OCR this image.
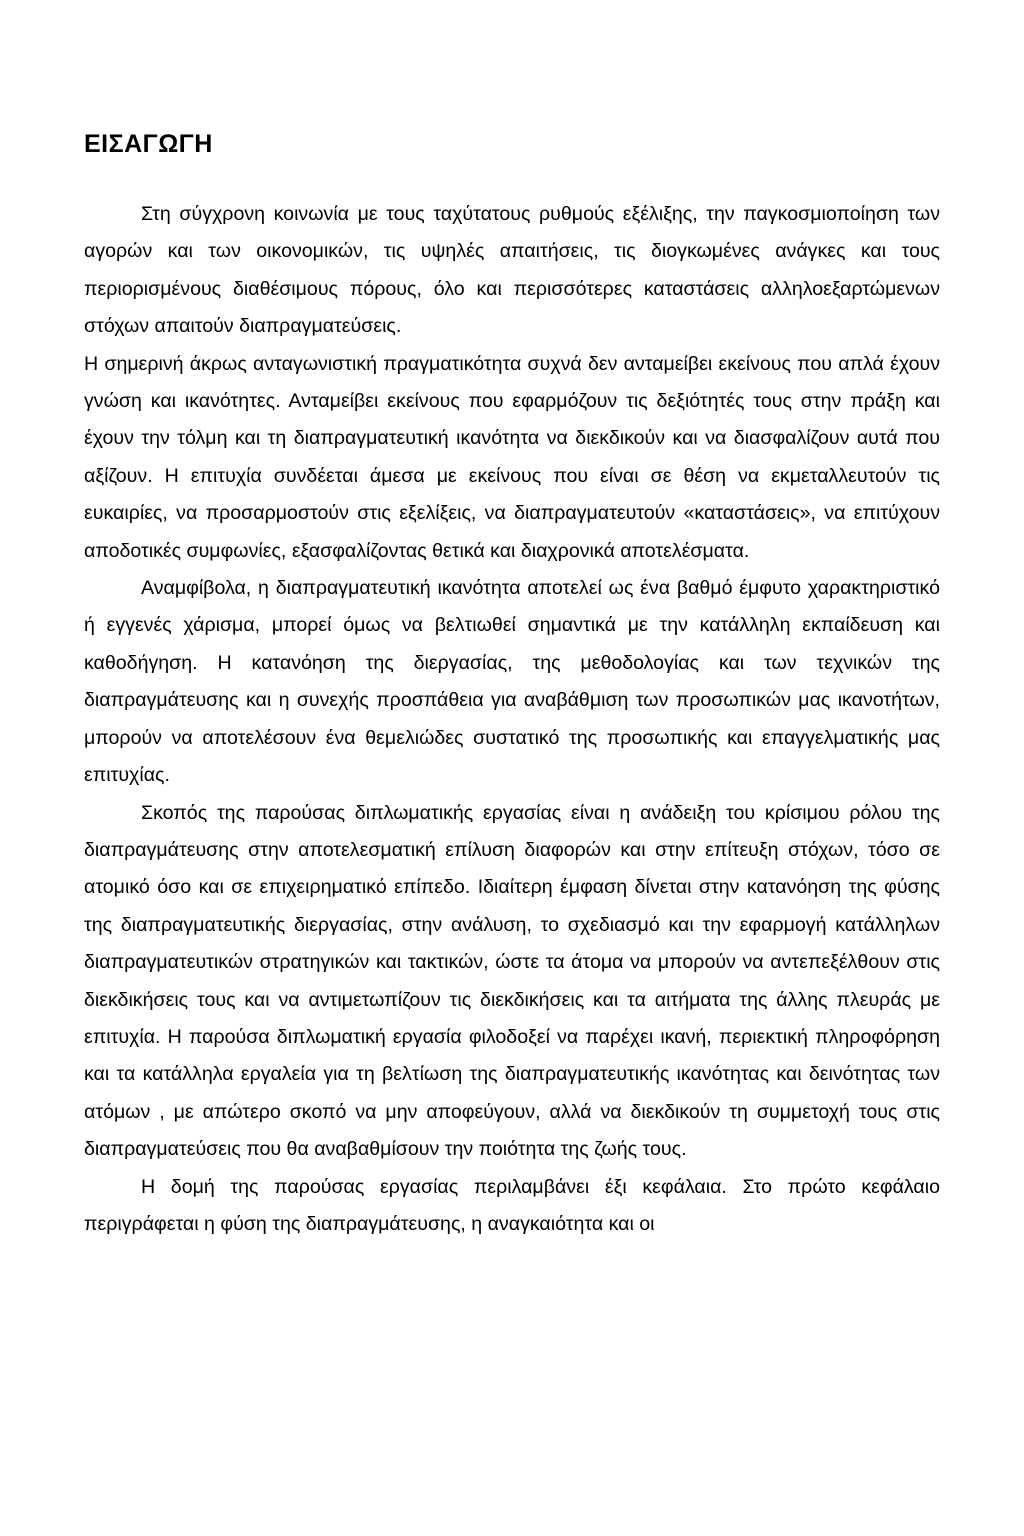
ΕΙΣΑΓΩΓΗ

Στη σύγχρονη κοινωνία με τους ταχύτατους ρυθμούς εξέλιξης, την παγκοσμιοποίηση των αγορών και των οικονομικών, τις υψηλές απαιτήσεις, τις διογκωμένες ανάγκες και τους περιορισμένους διαθέσιμους πόρους, όλο και περισσότερες καταστάσεις αλληλοεξαρτώμενων στόχων απαιτούν διαπραγματεύσεις.

Η σημερινή άκρως ανταγωνιστική πραγματικότητα συχνά δεν ανταμείβει εκείνους που απλά έχουν γνώση και ικανότητες. Ανταμείβει εκείνους που εφαρμόζουν τις δεξιότητές τους στην πράξη και έχουν την τόλμη και τη διαπραγματευτική ικανότητα να διεκδικούν και να διασφαλίζουν αυτά που αξίζουν. Η επιτυχία συνδέεται άμεσα με εκείνους που είναι σε θέση να εκμεταλλευτούν τις ευκαιρίες, να προσαρμοστούν στις εξελίξεις, να διαπραγματευτούν «καταστάσεις», να επιτύχουν αποδοτικές συμφωνίες, εξασφαλίζοντας θετικά και διαχρονικά αποτελέσματα.

Αναμφίβολα, η διαπραγματευτική ικανότητα αποτελεί ως ένα βαθμό έμφυτο χαρακτηριστικό ή εγγενές χάρισμα, μπορεί όμως να βελτιωθεί σημαντικά με την κατάλληλη εκπαίδευση και καθοδήγηση. Η κατανόηση της διεργασίας, της μεθοδολογίας και των τεχνικών της διαπραγμάτευσης και η συνεχής προσπάθεια για αναβάθμιση των προσωπικών μας ικανοτήτων, μπορούν να αποτελέσουν ένα θεμελιώδες συστατικό της προσωπικής και επαγγελματικής μας επιτυχίας.

Σκοπός της παρούσας διπλωματικής εργασίας είναι η ανάδειξη του κρίσιμου ρόλου της διαπραγμάτευσης στην αποτελεσματική επίλυση διαφορών και στην επίτευξη στόχων, τόσο σε ατομικό όσο και σε επιχειρηματικό επίπεδο. Ιδιαίτερη έμφαση δίνεται στην κατανόηση της φύσης της διαπραγματευτικής διεργασίας, στην ανάλυση, το σχεδιασμό και την εφαρμογή κατάλληλων διαπραγματευτικών στρατηγικών και τακτικών, ώστε τα άτομα να μπορούν να αντεπεξέλθουν στις διεκδικήσεις τους και να αντιμετωπίζουν τις διεκδικήσεις και τα αιτήματα της άλλης πλευράς με επιτυχία. Η παρούσα διπλωματική εργασία φιλοδοξεί να παρέχει ικανή, περιεκτική πληροφόρηση και τα κατάλληλα εργαλεία για τη βελτίωση της διαπραγματευτικής ικανότητας και δεινότητας των ατόμων , με απώτερο σκοπό να μην αποφεύγουν, αλλά να διεκδικούν τη συμμετοχή τους στις διαπραγματεύσεις που θα αναβαθμίσουν την ποιότητα της ζωής τους.

Η δομή της παρούσας εργασίας περιλαμβάνει έξι κεφάλαια. Στο πρώτο κεφάλαιο περιγράφεται η φύση της διαπραγμάτευσης, η αναγκαιότητα και οι
